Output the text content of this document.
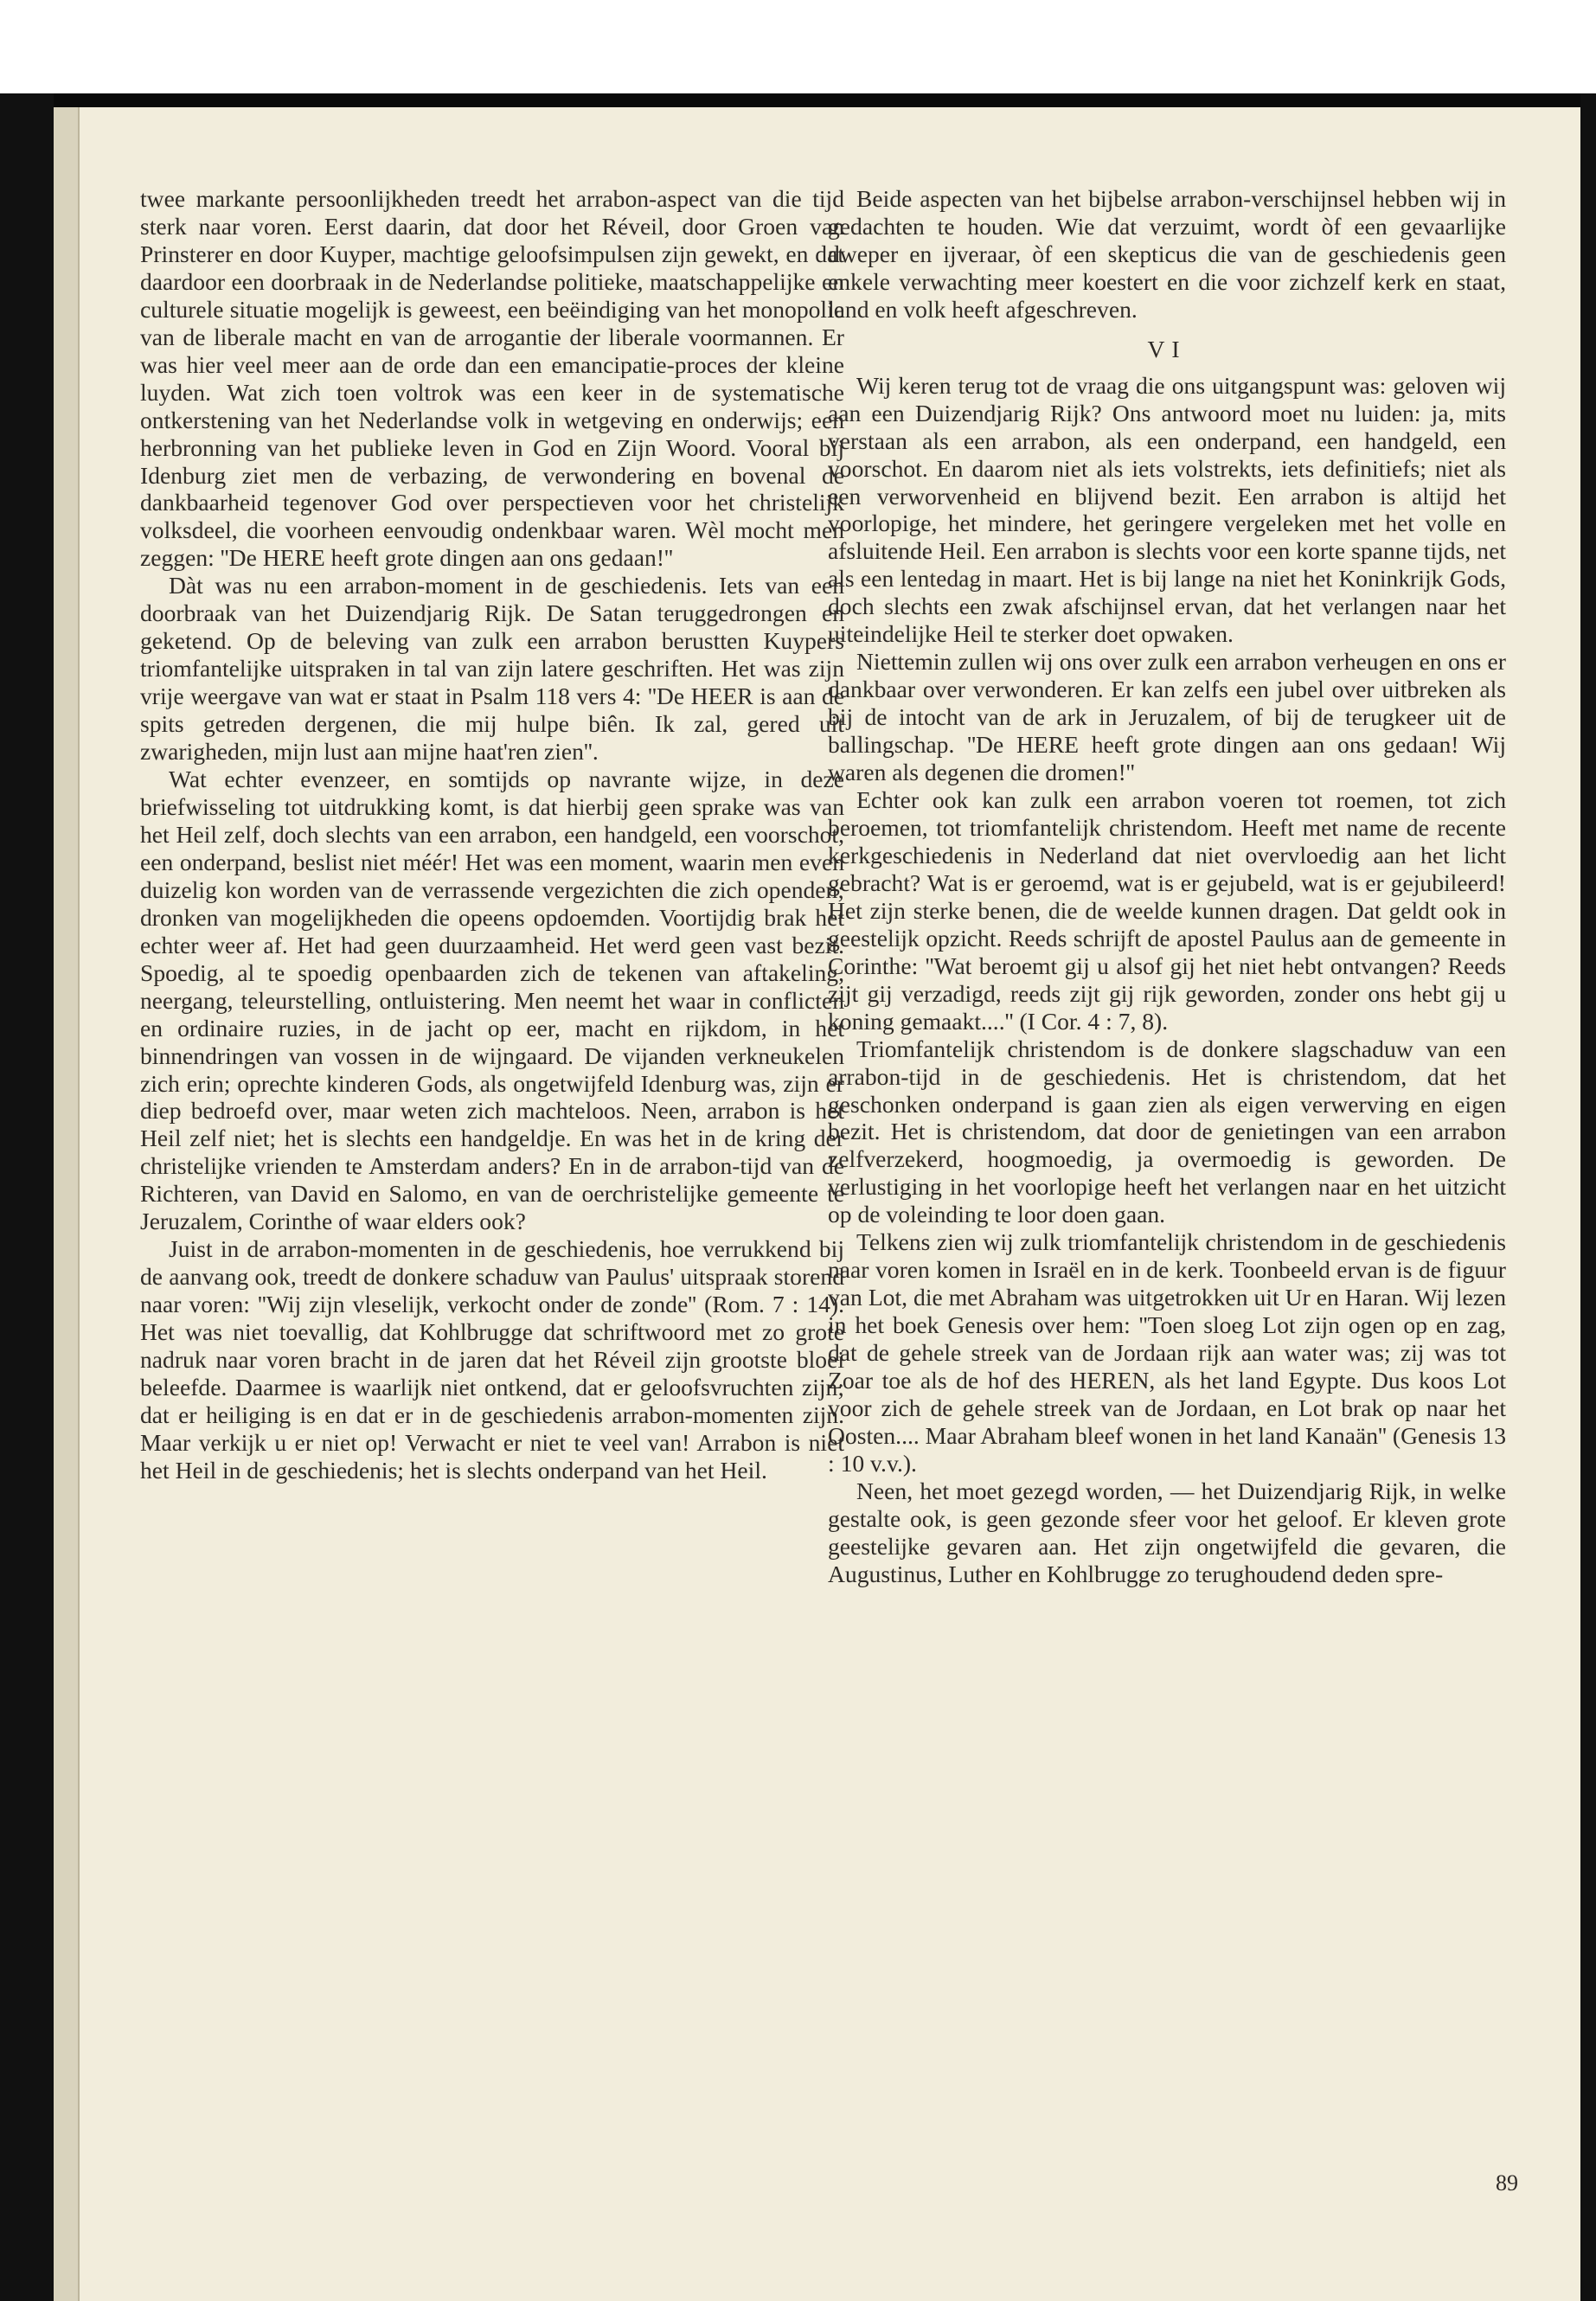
twee markante persoonlijkheden treedt het arrabon-aspect van die tijd sterk naar voren. Eerst daarin, dat door het Réveil, door Groen van Prinsterer en door Kuyper, machtige geloofsimpulsen zijn gewekt, en dat daardoor een doorbraak in de Nederlandse politieke, maatschappelijke en culturele situatie mogelijk is geweest, een beëindiging van het monopolie van de liberale macht en van de arrogantie der liberale voormannen. Er was hier veel meer aan de orde dan een emancipatie-proces der kleine luyden. Wat zich toen voltrok was een keer in de systematische ontkerstening van het Nederlandse volk in wetgeving en onderwijs; een herbronning van het publieke leven in God en Zijn Woord. Vooral bij Idenburg ziet men de verbazing, de verwondering en bovenal de dankbaarheid tegenover God over perspectieven voor het christelijk volksdeel, die voorheen eenvoudig ondenkbaar waren. Wèl mocht men zeggen: ''De HERE heeft grote dingen aan ons gedaan!''

Dàt was nu een arrabon-moment in de geschiedenis. Iets van een doorbraak van het Duizendjarig Rijk. De Satan teruggedrongen en geketend. Op de beleving van zulk een arrabon berustten Kuypers triomfantelijke uitspraken in tal van zijn latere geschriften. Het was zijn vrije weergave van wat er staat in Psalm 118 vers 4: ''De HEER is aan de spits getreden dergenen, die mij hulpe biên. Ik zal, gered uit zwarigheden, mijn lust aan mijne haat'ren zien''.

Wat echter evenzeer, en somtijds op navrante wijze, in deze briefwisseling tot uitdrukking komt, is dat hierbij geen sprake was van het Heil zelf, doch slechts van een arrabon, een handgeld, een voorschot, een onderpand, beslist niet méér! Het was een moment, waarin men even duizelig kon worden van de verrassende vergezichten die zich openden; dronken van mogelijkheden die opeens opdoemden. Voortijdig brak het echter weer af. Het had geen duurzaamheid. Het werd geen vast bezit. Spoedig, al te spoedig openbaarden zich de tekenen van aftakeling, neergang, teleurstelling, ontluistering. Men neemt het waar in conflicten en ordinaire ruzies, in de jacht op eer, macht en rijkdom, in het binnendringen van vossen in de wijngaard. De vijanden verkneukelen zich erin; oprechte kinderen Gods, als ongetwijfeld Idenburg was, zijn er diep bedroefd over, maar weten zich machteloos. Neen, arrabon is het Heil zelf niet; het is slechts een handgeldje. En was het in de kring der christelijke vrienden te Amsterdam anders? En in de arrabon-tijd van de Richteren, van David en Salomo, en van de oerchristelijke gemeente te Jeruzalem, Corinthe of waar elders ook?

Juist in de arrabon-momenten in de geschiedenis, hoe verrukkend bij de aanvang ook, treedt de donkere schaduw van Paulus' uitspraak storend naar voren: ''Wij zijn vleselijk, verkocht onder de zonde'' (Rom. 7 : 14). Het was niet toevallig, dat Kohlbrugge dat schriftwoord met zo grote nadruk naar voren bracht in de jaren dat het Réveil zijn grootste bloei beleefde. Daarmee is waarlijk niet ontkend, dat er geloofsvruchten zijn; dat er heiliging is en dat er in de geschiedenis arrabon-momenten zijn. Maar verkijk u er niet op! Verwacht er niet te veel van! Arrabon is niet het Heil in de geschiedenis; het is slechts onderpand van het Heil.

Beide aspecten van het bijbelse arrabon-verschijnsel hebben wij in gedachten te houden. Wie dat verzuimt, wordt òf een gevaarlijke dweper en ijveraar, òf een skepticus die van de geschiedenis geen enkele verwachting meer koestert en die voor zichzelf kerk en staat, land en volk heeft afgeschreven.

VI

Wij keren terug tot de vraag die ons uitgangspunt was: geloven wij aan een Duizendjarig Rijk? Ons antwoord moet nu luiden: ja, mits verstaan als een arrabon, als een onderpand, een handgeld, een voorschot. En daarom niet als iets volstrekts, iets definitiefs; niet als een verworvenheid en blijvend bezit. Een arrabon is altijd het voorlopige, het mindere, het geringere vergeleken met het volle en afsluitende Heil. Een arrabon is slechts voor een korte spanne tijds, net als een lentedag in maart. Het is bij lange na niet het Koninkrijk Gods, doch slechts een zwak afschijnsel ervan, dat het verlangen naar het uiteindelijke Heil te sterker doet opwaken.

Niettemin zullen wij ons over zulk een arrabon verheugen en ons er dankbaar over verwonderen. Er kan zelfs een jubel over uitbreken als bij de intocht van de ark in Jeruzalem, of bij de terugkeer uit de ballingschap. ''De HERE heeft grote dingen aan ons gedaan! Wij waren als degenen die dromen!''

Echter ook kan zulk een arrabon voeren tot roemen, tot zich beroemen, tot triomfantelijk christendom. Heeft met name de recente kerkgeschiedenis in Nederland dat niet overvloedig aan het licht gebracht? Wat is er geroemd, wat is er gejubeld, wat is er gejubileerd! Het zijn sterke benen, die de weelde kunnen dragen. Dat geldt ook in geestelijk opzicht. Reeds schrijft de apostel Paulus aan de gemeente in Corinthe: ''Wat beroemt gij u alsof gij het niet hebt ontvangen? Reeds zijt gij verzadigd, reeds zijt gij rijk geworden, zonder ons hebt gij u koning gemaakt....'' (I Cor. 4 : 7, 8).

Triomfantelijk christendom is de donkere slagschaduw van een arrabon-tijd in de geschiedenis. Het is christendom, dat het geschonken onderpand is gaan zien als eigen verwerving en eigen bezit. Het is christendom, dat door de genietingen van een arrabon zelfverzekerd, hoogmoedig, ja overmoedig is geworden. De verlustiging in het voorlopige heeft het verlangen naar en het uitzicht op de voleinding te loor doen gaan.

Telkens zien wij zulk triomfantelijk christendom in de geschiedenis naar voren komen in Israël en in de kerk. Toonbeeld ervan is de figuur van Lot, die met Abraham was uitgetrokken uit Ur en Haran. Wij lezen in het boek Genesis over hem: ''Toen sloeg Lot zijn ogen op en zag, dat de gehele streek van de Jordaan rijk aan water was; zij was tot Zoar toe als de hof des HEREN, als het land Egypte. Dus koos Lot voor zich de gehele streek van de Jordaan, en Lot brak op naar het Oosten.... Maar Abraham bleef wonen in het land Kanaän'' (Genesis 13 : 10 v.v.).

Neen, het moet gezegd worden, — het Duizendjarig Rijk, in welke gestalte ook, is geen gezonde sfeer voor het geloof. Er kleven grote geestelijke gevaren aan. Het zijn ongetwijfeld die gevaren, die Augustinus, Luther en Kohlbrugge zo terughoudend deden spre-

89
